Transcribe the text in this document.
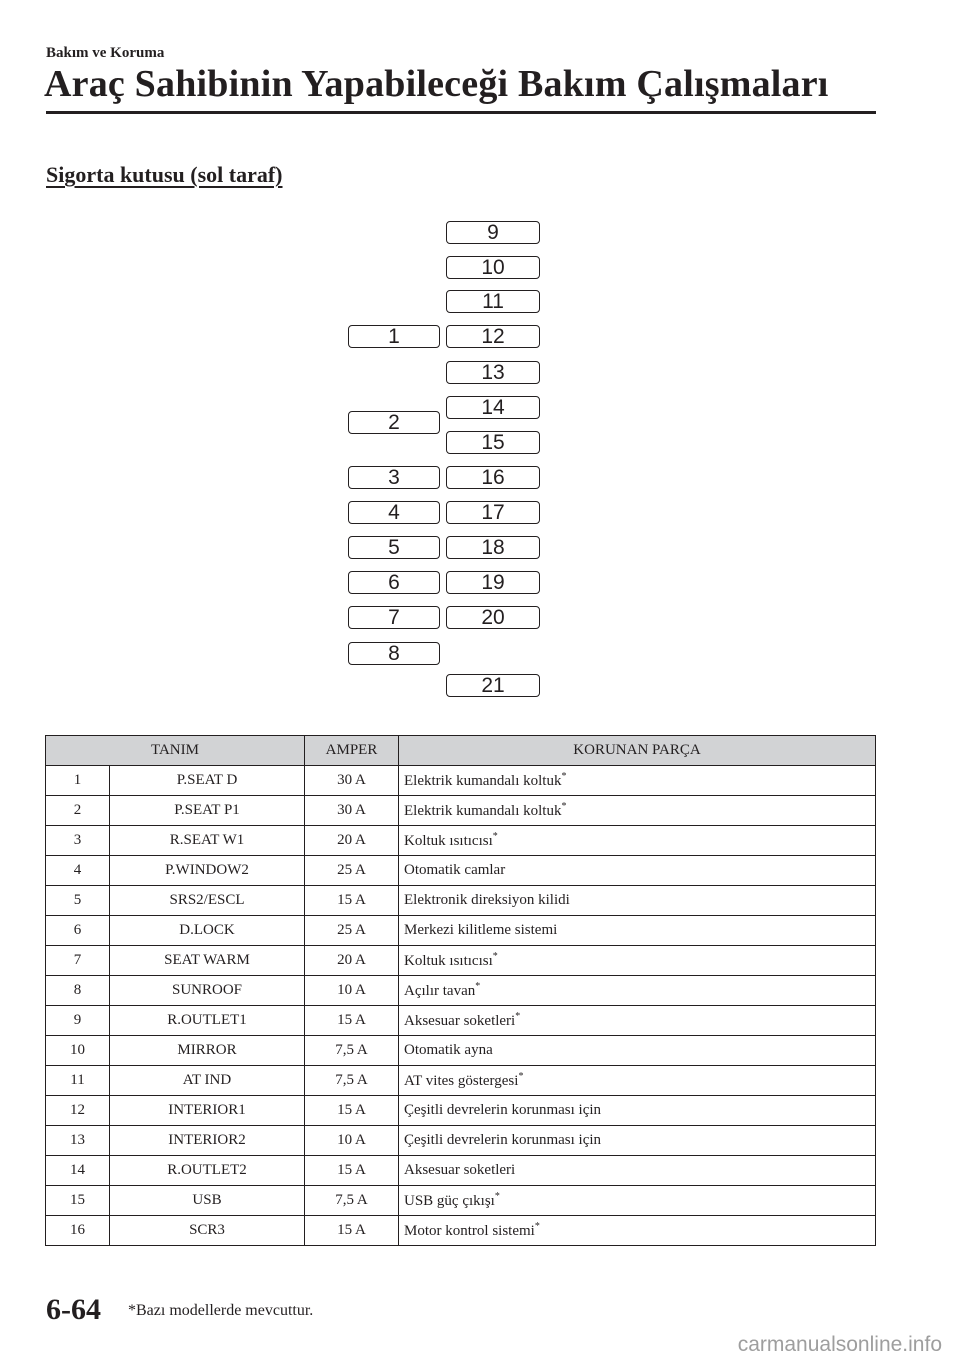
Bakım ve Koruma
Araç Sahibinin Yapabileceği Bakım Çalışmaları
Sigorta kutusu (sol taraf)
1
2
3
4
5
6
7
8
9
10
11
12
13
14
15
16
17
18
19
20
21
TANIM		AMPER	KORUNAN PARÇA
1	P.SEAT D	30 A	Elektrik kumandalı koltuk*
2	P.SEAT P1	30 A	Elektrik kumandalı koltuk*
3	R.SEAT W1	20 A	Koltuk ısıtıcısı*
4	P.WINDOW2	25 A	Otomatik camlar
5	SRS2/ESCL	15 A	Elektronik direksiyon kilidi
6	D.LOCK	25 A	Merkezi kilitleme sistemi
7	SEAT WARM	20 A	Koltuk ısıtıcısı*
8	SUNROOF	10 A	Açılır tavan*
9	R.OUTLET1	15 A	Aksesuar soketleri*
10	MIRROR	7,5 A	Otomatik ayna
11	AT IND	7,5 A	AT vites göstergesi*
12	INTERIOR1	15 A	Çeşitli devrelerin korunması için
13	INTERIOR2	10 A	Çeşitli devrelerin korunması için
14	R.OUTLET2	15 A	Aksesuar soketleri
15	USB	7,5 A	USB güç çıkışı*
16	SCR3	15 A	Motor kontrol sistemi*
6-64 *Bazı modellerde mevcuttur.
carmanualsonline.info
